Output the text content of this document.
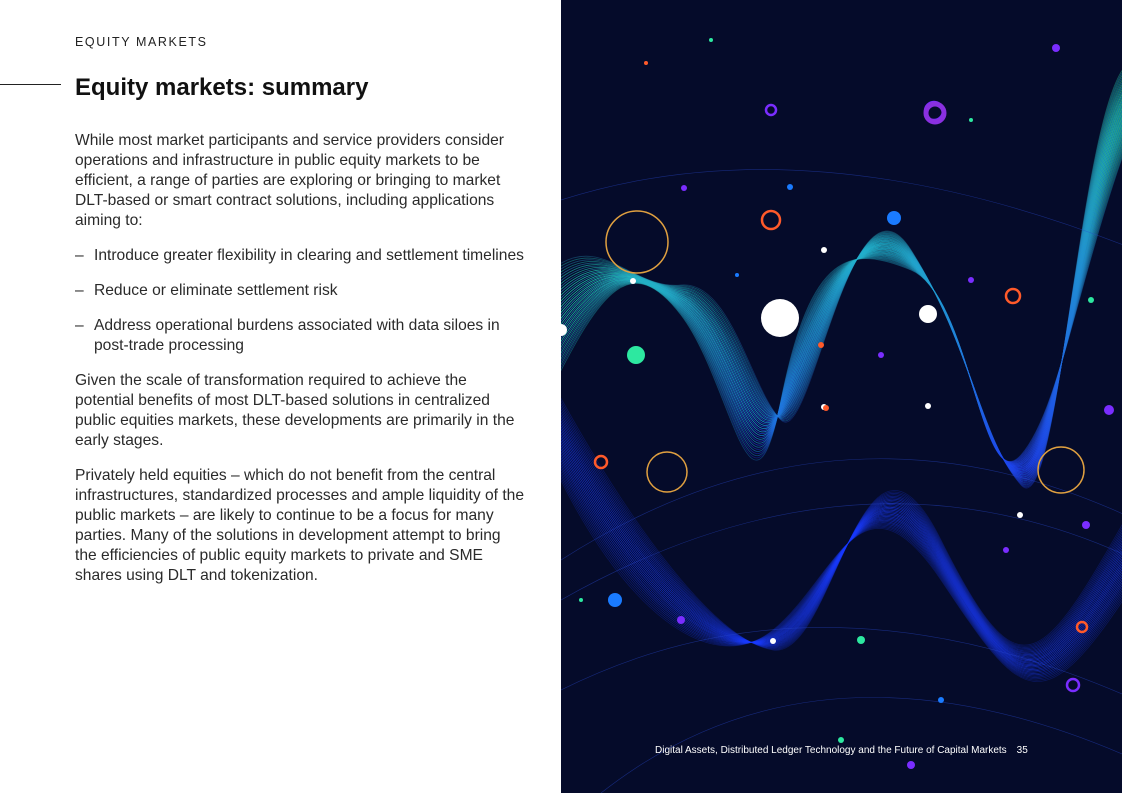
EQUITY MARKETS
Equity markets: summary

While most market participants and service providers consider operations and infrastructure in public equity markets to be efficient, a range of parties are exploring or bringing to market DLT-based or smart contract solutions, including applications aiming to:

– Introduce greater flexibility in clearing and settlement timelines
– Reduce or eliminate settlement risk
– Address operational burdens associated with data siloes in post-trade processing

Given the scale of transformation required to achieve the potential benefits of most DLT-based solutions in centralized public equities markets, these developments are primarily in the early stages.

Privately held equities – which do not benefit from the central infrastructures, standardized processes and ample liquidity of the public markets – are likely to continue to be a focus for many parties. Many of the solutions in development attempt to bring the efficiencies of public equity markets to private and SME shares using DLT and tokenization.

Digital Assets, Distributed Ledger Technology and the Future of Capital Markets 35
